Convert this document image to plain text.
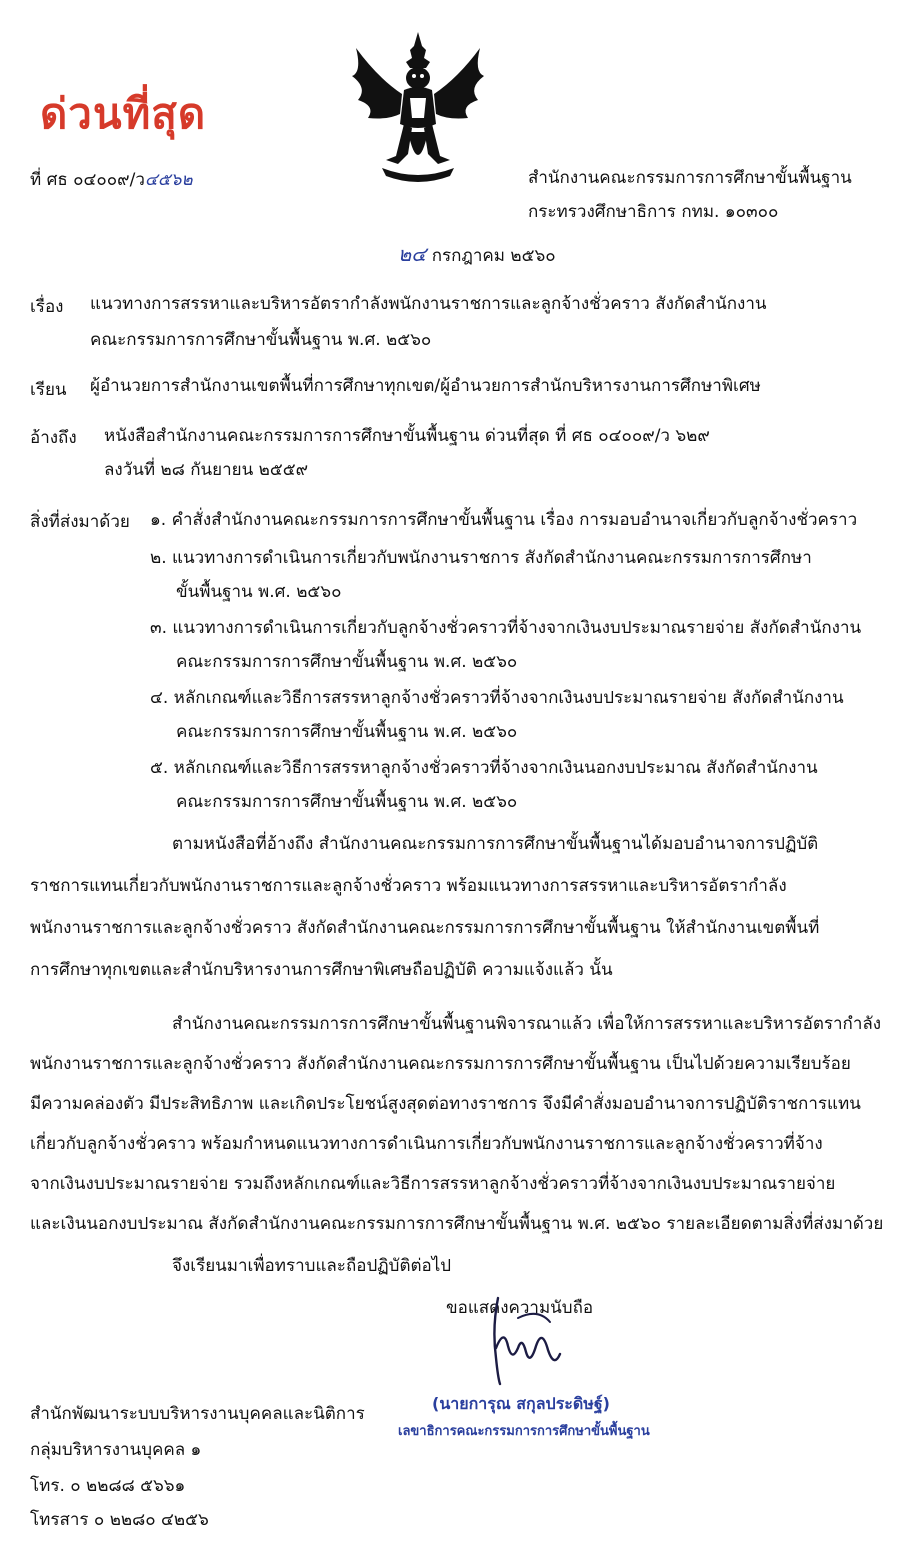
ด่วนที่สุด
ที่ ศธ ๐๔๐๐๙/ว๔๕๖๒	สำนักงานคณะกรรมการการศึกษาขั้นพื้นฐาน
กระทรวงศึกษาธิการ กทม. ๑๐๓๐๐
๒๔ กรกฎาคม ๒๕๖๐
เรื่อง แนวทางการสรรหาและบริหารอัตรากำลังพนักงานราชการและลูกจ้างชั่วคราว สังกัดสำนักงาน
คณะกรรมการการศึกษาขั้นพื้นฐาน พ.ศ. ๒๕๖๐
เรียน ผู้อำนวยการสำนักงานเขตพื้นที่การศึกษาทุกเขต/ผู้อำนวยการสำนักบริหารงานการศึกษาพิเศษ
อ้างถึง หนังสือสำนักงานคณะกรรมการการศึกษาขั้นพื้นฐาน ด่วนที่สุด ที่ ศธ ๐๔๐๐๙/ว ๖๒๙
ลงวันที่ ๒๘ กันยายน ๒๕๕๙
สิ่งที่ส่งมาด้วย ๑. คำสั่งสำนักงานคณะกรรมการการศึกษาขั้นพื้นฐาน เรื่อง การมอบอำนาจเกี่ยวกับลูกจ้างชั่วคราว
๒. แนวทางการดำเนินการเกี่ยวกับพนักงานราชการ สังกัดสำนักงานคณะกรรมการการศึกษา
ขั้นพื้นฐาน พ.ศ. ๒๕๖๐
๓. แนวทางการดำเนินการเกี่ยวกับลูกจ้างชั่วคราวที่จ้างจากเงินงบประมาณรายจ่าย สังกัดสำนักงาน
คณะกรรมการการศึกษาขั้นพื้นฐาน พ.ศ. ๒๕๖๐
๔. หลักเกณฑ์และวิธีการสรรหาลูกจ้างชั่วคราวที่จ้างจากเงินงบประมาณรายจ่าย สังกัดสำนักงาน
คณะกรรมการการศึกษาขั้นพื้นฐาน พ.ศ. ๒๕๖๐
๕. หลักเกณฑ์และวิธีการสรรหาลูกจ้างชั่วคราวที่จ้างจากเงินนอกงบประมาณ สังกัดสำนักงาน
คณะกรรมการการศึกษาขั้นพื้นฐาน พ.ศ. ๒๕๖๐
ตามหนังสือที่อ้างถึง สำนักงานคณะกรรมการการศึกษาขั้นพื้นฐานได้มอบอำนาจการปฏิบัติ
ราชการแทนเกี่ยวกับพนักงานราชการและลูกจ้างชั่วคราว พร้อมแนวทางการสรรหาและบริหารอัตรากำลัง
พนักงานราชการและลูกจ้างชั่วคราว สังกัดสำนักงานคณะกรรมการการศึกษาขั้นพื้นฐาน ให้สำนักงานเขตพื้นที่
การศึกษาทุกเขตและสำนักบริหารงานการศึกษาพิเศษถือปฏิบัติ ความแจ้งแล้ว นั้น
สำนักงานคณะกรรมการการศึกษาขั้นพื้นฐานพิจารณาแล้ว เพื่อให้การสรรหาและบริหารอัตรากำลัง
พนักงานราชการและลูกจ้างชั่วคราว สังกัดสำนักงานคณะกรรมการการศึกษาขั้นพื้นฐาน เป็นไปด้วยความเรียบร้อย
มีความคล่องตัว มีประสิทธิภาพ และเกิดประโยชน์สูงสุดต่อทางราชการ จึงมีคำสั่งมอบอำนาจการปฏิบัติราชการแทน
เกี่ยวกับลูกจ้างชั่วคราว พร้อมกำหนดแนวทางการดำเนินการเกี่ยวกับพนักงานราชการและลูกจ้างชั่วคราวที่จ้าง
จากเงินงบประมาณรายจ่าย รวมถึงหลักเกณฑ์และวิธีการสรรหาลูกจ้างชั่วคราวที่จ้างจากเงินงบประมาณรายจ่าย
และเงินนอกงบประมาณ สังกัดสำนักงานคณะกรรมการการศึกษาขั้นพื้นฐาน พ.ศ. ๒๕๖๐ รายละเอียดตามสิ่งที่ส่งมาด้วย
จึงเรียนมาเพื่อทราบและถือปฏิบัติต่อไป
ขอแสดงความนับถือ
(นายการุณ สกุลประดิษฐ์)
เลขาธิการคณะกรรมการการศึกษาขั้นพื้นฐาน
สำนักพัฒนาระบบบริหารงานบุคคลและนิติการ
กลุ่มบริหารงานบุคคล ๑
โทร. ๐ ๒๒๘๘ ๕๖๖๑
โทรสาร ๐ ๒๒๘๐ ๔๒๕๖
